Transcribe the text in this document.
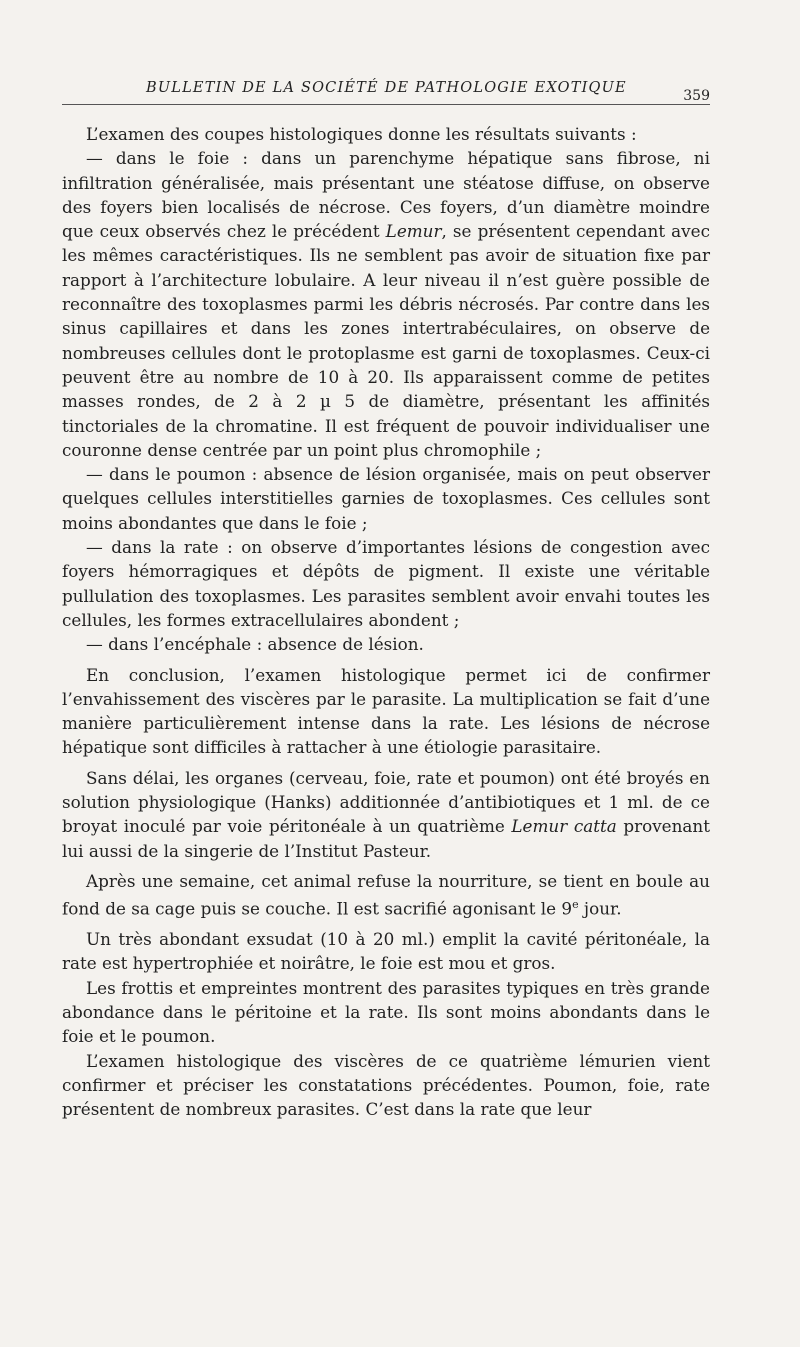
BULLETIN DE LA SOCIÉTÉ DE PATHOLOGIE EXOTIQUE	359

L’examen des coupes histologiques donne les résultats suivants :

— dans le foie : dans un parenchyme hépatique sans fibrose, ni infiltration généralisée, mais présentant une stéatose diffuse, on observe des foyers bien localisés de nécrose. Ces foyers, d’un diamètre moindre que ceux observés chez le précédent Lemur, se présentent cependant avec les mêmes caractéristiques. Ils ne semblent pas avoir de situation fixe par rapport à l’architecture lobulaire. A leur niveau il n’est guère possible de reconnaître des toxoplasmes parmi les débris nécrosés. Par contre dans les sinus capillaires et dans les zones intertrabéculaires, on observe de nombreuses cellules dont le protoplasme est garni de toxoplasmes. Ceux-ci peuvent être au nombre de 10 à 20. Ils apparaissent comme de petites masses rondes, de 2 à 2 µ 5 de diamètre, présentant les affinités tinctoriales de la chromatine. Il est fréquent de pouvoir individualiser une couronne dense centrée par un point plus chromophile ;

— dans le poumon : absence de lésion organisée, mais on peut observer quelques cellules interstitielles garnies de toxoplasmes. Ces cellules sont moins abondantes que dans le foie ;

— dans la rate : on observe d’importantes lésions de congestion avec foyers hémorragiques et dépôts de pigment. Il existe une véritable pullulation des toxoplasmes. Les parasites semblent avoir envahi toutes les cellules, les formes extracellulaires abondent ;

— dans l’encéphale : absence de lésion.

En conclusion, l’examen histologique permet ici de confirmer l’envahissement des viscères par le parasite. La multiplication se fait d’une manière particulièrement intense dans la rate. Les lésions de nécrose hépatique sont difficiles à rattacher à une étiologie parasitaire.

Sans délai, les organes (cerveau, foie, rate et poumon) ont été broyés en solution physiologique (Hanks) additionnée d’antibiotiques et 1 ml. de ce broyat inoculé par voie péritonéale à un quatrième Lemur catta provenant lui aussi de la singerie de l’Institut Pasteur.

Après une semaine, cet animal refuse la nourriture, se tient en boule au fond de sa cage puis se couche. Il est sacrifié agonisant le 9e jour.

Un très abondant exsudat (10 à 20 ml.) emplit la cavité péritonéale, la rate est hypertrophiée et noirâtre, le foie est mou et gros.

Les frottis et empreintes montrent des parasites typiques en très grande abondance dans le péritoine et la rate. Ils sont moins abondants dans le foie et le poumon.

L’examen histologique des viscères de ce quatrième lémurien vient confirmer et préciser les constatations précédentes. Poumon, foie, rate présentent de nombreux parasites. C’est dans la rate que leur
